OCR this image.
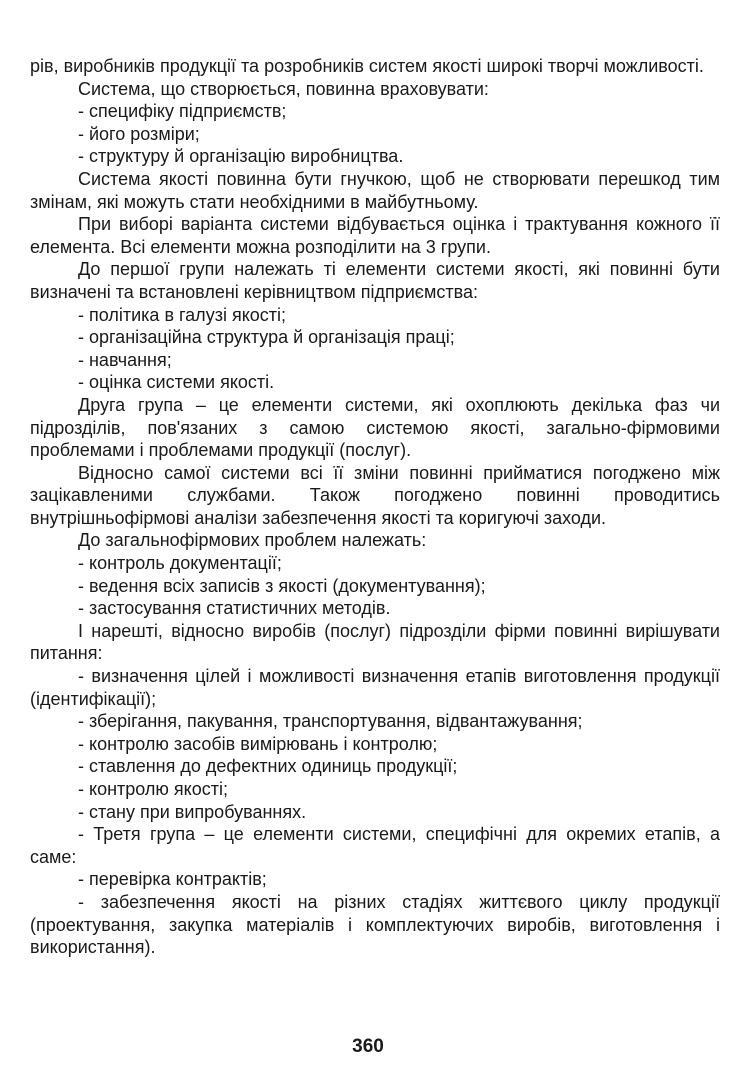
рів, виробників продукції та розробників систем якості широкі творчі можливості.

Система, що створюється, повинна враховувати:

- специфіку підприємств;

- його розміри;

- структуру й організацію виробництва.

Система якості повинна бути гнучкою, щоб не створювати перешкод тим змінам, які можуть стати необхідними в майбутньому.

При виборі варіанта системи відбувається оцінка і трактування кожного її елемента. Всі елементи можна розподілити на 3 групи.

До першої групи належать ті елементи системи якості, які повинні бути визначені та встановлені керівництвом підприємства:

- політика в галузі якості;

- організаційна структура й організація праці;

- навчання;

- оцінка системи якості.

Друга група – це елементи системи, які охоплюють декілька фаз чи підрозділів, пов'язаних з самою системою якості, загально-фірмовими проблемами і проблемами продукції (послуг).

Відносно самої системи всі її зміни повинні прийматися погоджено між зацікавленими службами. Також погоджено повинні проводитись внутрішньофірмові аналізи забезпечення якості та коригуючі заходи.

До загальнофірмових проблем належать:

- контроль документації;

- ведення всіх записів з якості (документування);

- застосування статистичних методів.

І нарешті, відносно виробів (послуг) підрозділи фірми повинні вирішувати питання:

- визначення цілей і можливості визначення етапів виготовлення продукції (ідентифікації);

- зберігання, пакування, транспортування, відвантажування;

- контролю засобів вимірювань і контролю;

- ставлення до дефектних одиниць продукції;

- контролю якості;

- стану при випробуваннях.

- Третя група – це елементи системи, специфічні для окремих етапів, а саме:

- перевірка контрактів;

- забезпечення якості на різних стадіях життєвого циклу продукції (проектування, закупка матеріалів і комплектуючих виробів, виготовлення і використання).

360
